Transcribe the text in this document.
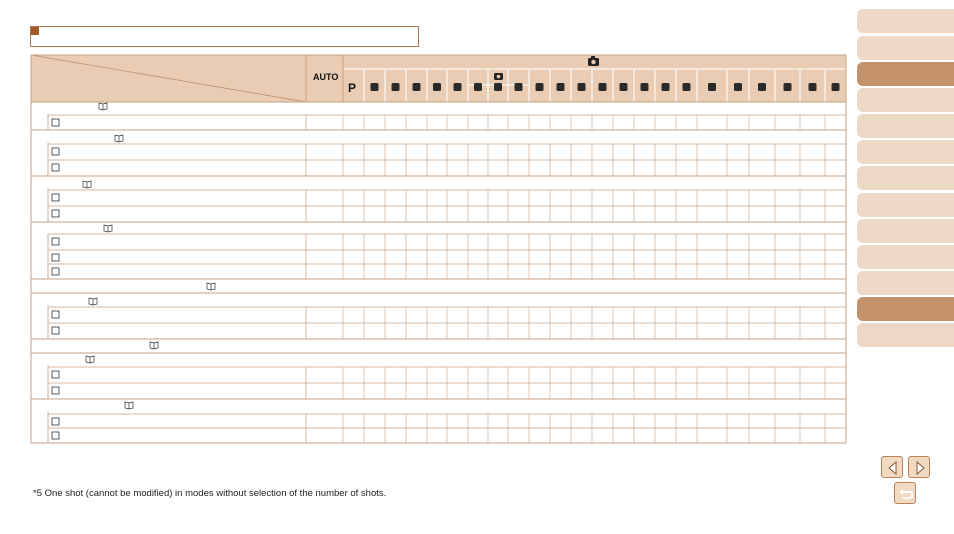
AUTO
P
*5 One shot (cannot be modified) in modes without selection of the number of shots.
